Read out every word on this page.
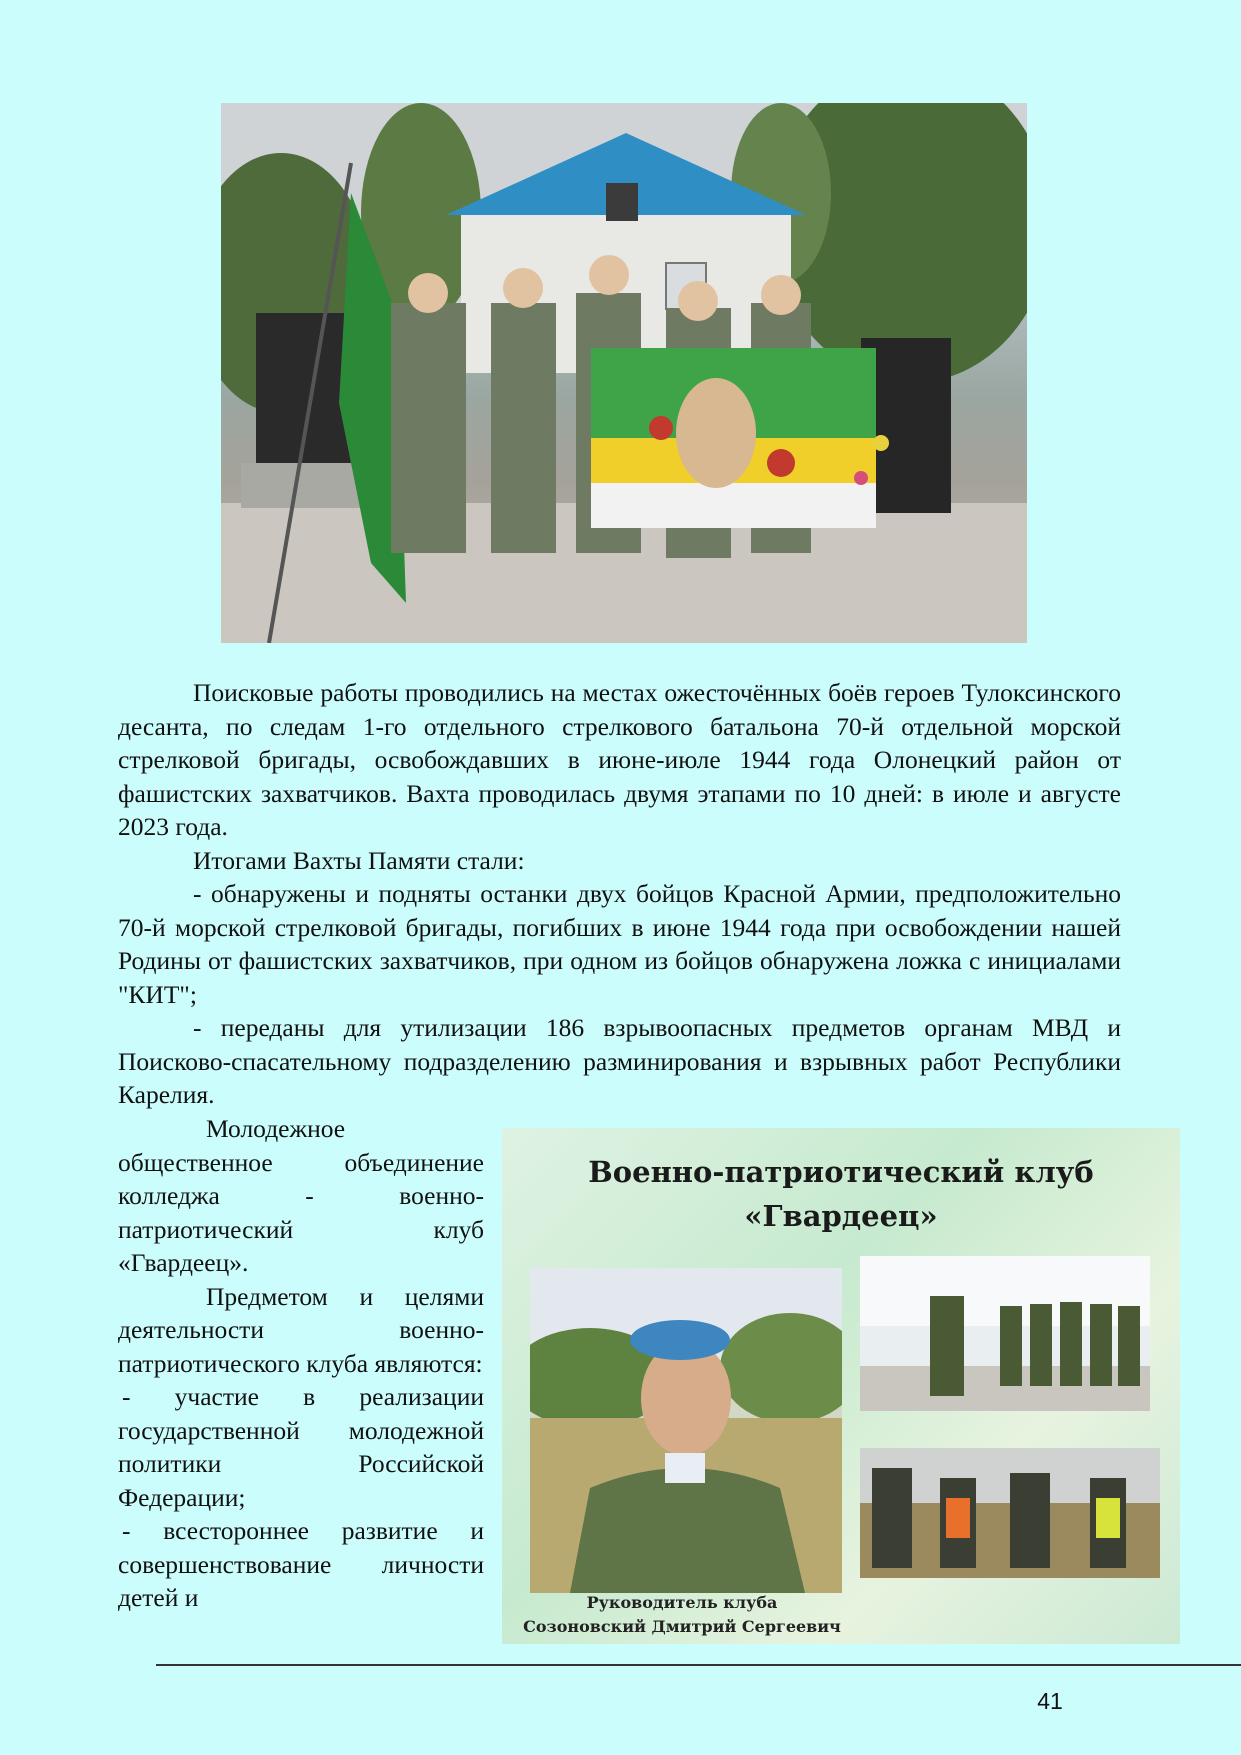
Поисковые работы проводились на местах ожесточённых боёв героев Тулоксинского десанта, по следам 1-го отдельного стрелкового батальона 70-й отдельной морской стрелковой бригады, освобождавших в июне-июле 1944 года Олонецкий район от фашистских захватчиков. Вахта проводилась двумя этапами по 10 дней: в июле и августе 2023 года.

Итогами Вахты Памяти стали:

- обнаружены и подняты останки двух бойцов Красной Армии, предположительно 70-й морской стрелковой бригады, погибших в июне 1944 года при освобождении нашей Родины от фашистских захватчиков, при одном из бойцов обнаружена ложка с инициалами "КИТ";

- переданы для утилизации 186 взрывоопасных предметов органам МВД и Поисково-спасательному подразделению разминирования и взрывных работ Республики Карелия.

Молодежное общественное объединение колледжа - военно-патриотический клуб «Гвардеец».

Предметом и целями деятельности военно-патриотического клуба являются:

- участие в реализации государственной молодежной политики Российской Федерации;

- всестороннее развитие и совершенствование личности детей и

Военно-патриотический клуб
«Гвардеец»
Руководитель клуба
Созоновский Дмитрий Сергеевич
41
